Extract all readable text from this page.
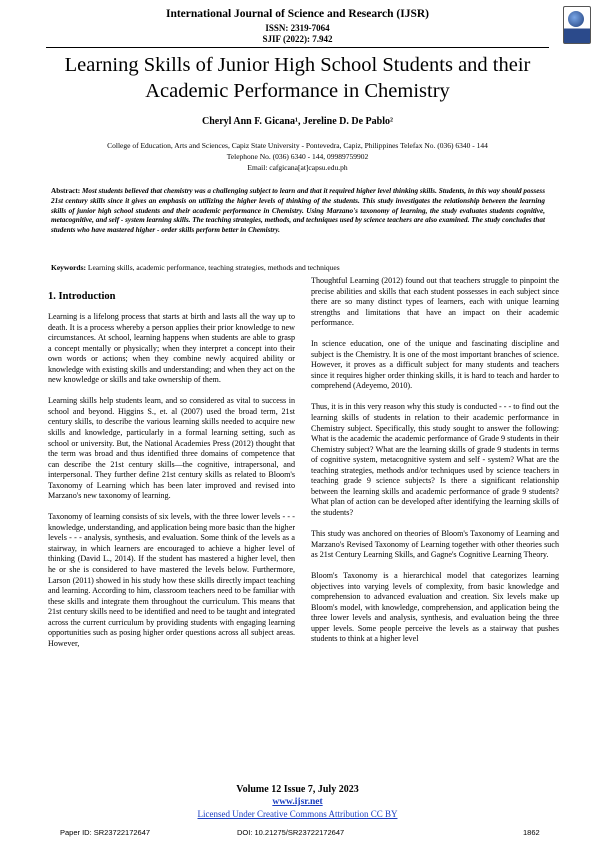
International Journal of Science and Research (IJSR)
ISSN: 2319-7064
SJIF (2022): 7.942
Learning Skills of Junior High School Students and their Academic Performance in Chemistry
Cheryl Ann F. Gicana¹, Jereline D. De Pablo²
College of Education, Arts and Sciences, Capiz State University - Pontevedra, Capiz, Philippines Telefax No. (036) 6340 - 144
Telephone No. (036) 6340 - 144, 09989759902
Email: cafgicana[at]capsu.edu.ph
Abstract: Most students believed that chemistry was a challenging subject to learn and that it required higher level thinking skills. Students, in this way should possess 21st century skills since it gives an emphasis on utilizing the higher levels of thinking of the students. This study investigates the relationship between the learning skills of junior high school students and their academic performance in Chemistry. Using Marzano's taxonomy of learning, the study evaluates students cognitive, metacognitive, and self - system learning skills. The teaching strategies, methods, and techniques used by science teachers are also examined. The study concludes that students who have mastered higher - order skills perform better in Chemistry.
Keywords: Learning skills, academic performance, teaching strategies, methods and techniques
1. Introduction

Learning is a lifelong process that starts at birth and lasts all the way up to death. It is a process whereby a person applies their prior knowledge to new circumstances. At school, learning happens when students are able to grasp a concept mentally or physically; when they interpret a concept into their own words or actions; when they combine newly acquired ability or knowledge with existing skills and understanding; and when they act on the new knowledge or skills and take ownership of them.

Learning skills help students learn, and so considered as vital to success in school and beyond. Higgins S., et. al (2007) used the broad term, 21st century skills, to describe the various learning skills needed to acquire new skills and knowledge, particularly in a formal learning setting, such as school or university. But, the National Academies Press (2012) thought that the term was broad and thus identified three domains of competence that can describe the 21st century skills—the cognitive, intrapersonal, and interpersonal. They further define 21st century skills as related to Bloom's Taxonomy of Learning which has been later improved and revised into Marzano's new taxonomy of learning.

Taxonomy of learning consists of six levels, with the three lower levels - - - knowledge, understanding, and application being more basic than the higher levels - - - analysis, synthesis, and evaluation. Some think of the levels as a stairway, in which learners are encouraged to achieve a higher level of thinking (David L., 2014). If the student has mastered a higher level, then he or she is considered to have mastered the levels below. Furthermore, Larson (2011) showed in his study how these skills directly impact teaching and learning. According to him, classroom teachers need to be familiar with these skills and integrate them throughout the curriculum. This means that 21st century skills need to be identified and need to be taught and integrated across the current curriculum by providing students with engaging learning opportunities such as posing higher order questions across all subject areas. However,

Thoughtful Learning (2012) found out that teachers struggle to pinpoint the precise abilities and skills that each student possesses in each subject since there are so many distinct types of learners, each with unique learning strengths and limitations that have an impact on their academic performance.

In science education, one of the unique and fascinating discipline and subject is the Chemistry. It is one of the most important branches of science. However, it proves as a difficult subject for many students and teachers since it requires higher order thinking skills, it is hard to teach and harder to comprehend (Adeyemo, 2010).

Thus, it is in this very reason why this study is conducted - - - to find out the learning skills of students in relation to their academic performance in Chemistry subject. Specifically, this study sought to answer the following: What is the academic the academic performance of Grade 9 students in their Chemistry subject? What are the learning skills of grade 9 students in terms of cognitive system, metacognitive system and self - system? What are the teaching strategies, methods and/or techniques used by science teachers in teaching grade 9 science subjects? Is there a significant relationship between the learning skills and academic performance of grade 9 students? What plan of action can be developed after identifying the learning skills of the students?

This study was anchored on theories of Bloom's Taxonomy of Learning and Marzano's Revised Taxonomy of Learning together with other theories such as 21st Century Learning Skills, and Gagne's Cognitive Learning Theory.

Bloom's Taxonomy is a hierarchical model that categorizes learning objectives into varying levels of complexity, from basic knowledge and comprehension to advanced evaluation and creation. Six levels make up Bloom's model, with knowledge, comprehension, and application being the three lower levels and analysis, synthesis, and evaluation being the three upper levels. Some people perceive the levels as a stairway that pushes students to think at a higher level

Volume 12 Issue 7, July 2023
www.ijsr.net
Licensed Under Creative Commons Attribution CC BY
Paper ID: SR23722172647	DOI: 10.21275/SR23722172647	1862
